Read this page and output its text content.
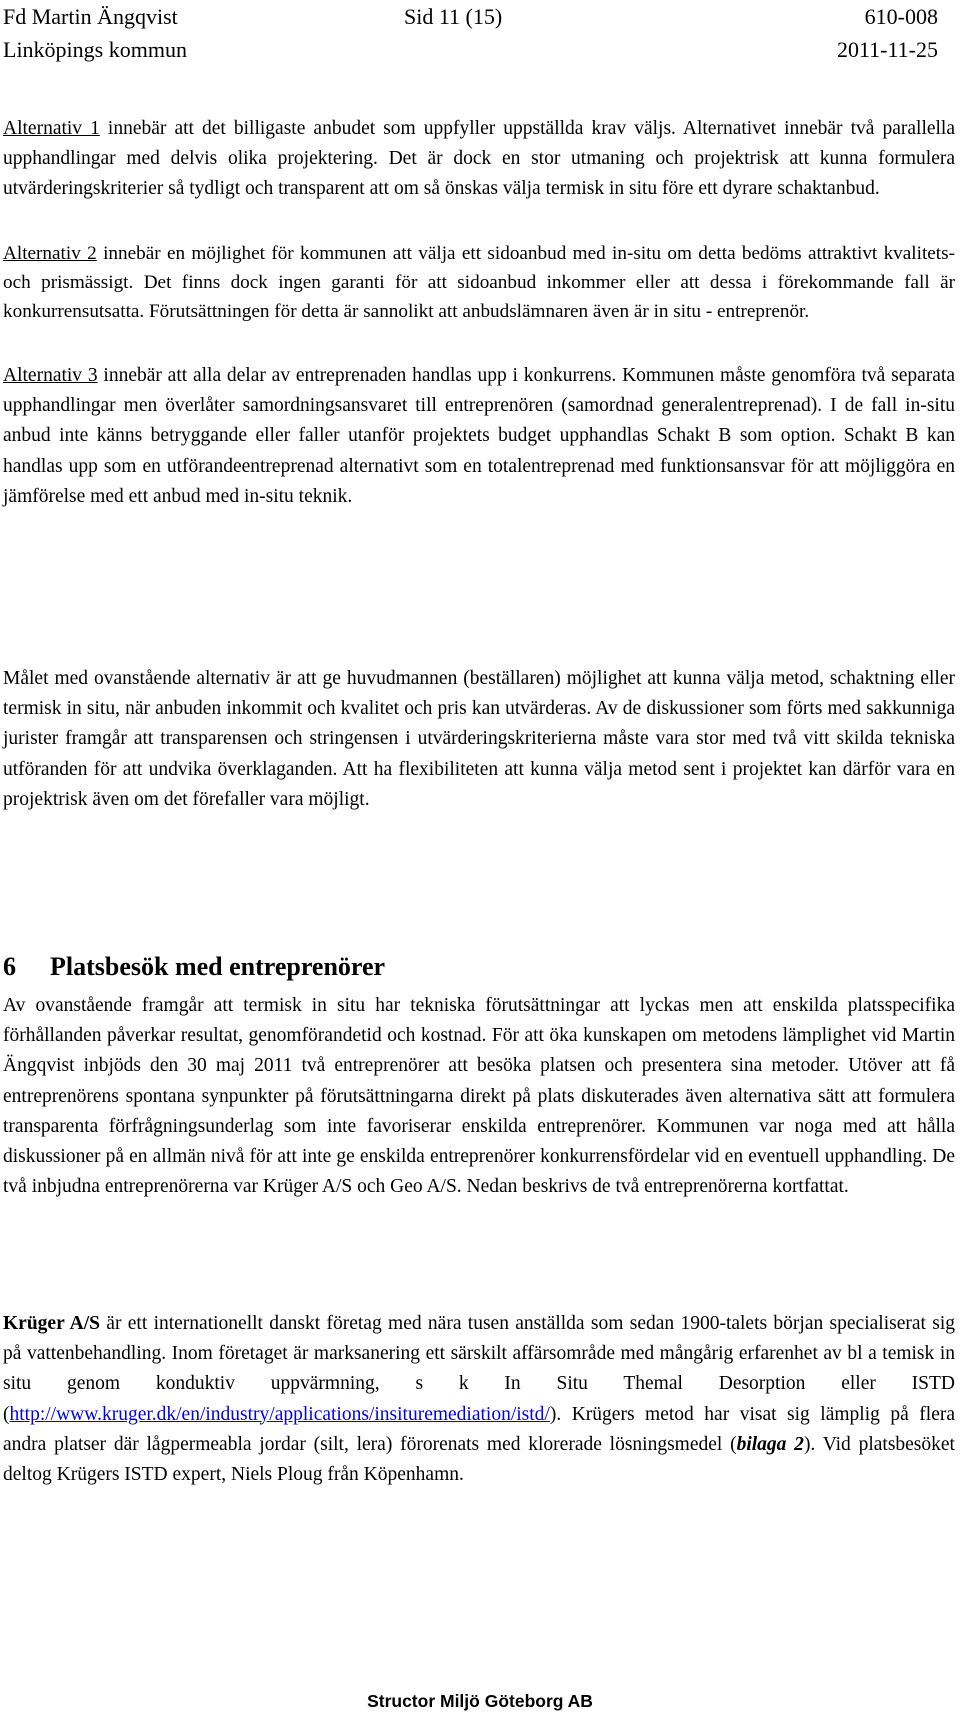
Fd Martin Ängqvist	Sid 11 (15)	610-008
Linköpings kommun	2011-11-25

Alternativ 1 innebär att det billigaste anbudet som uppfyller uppställda krav väljs. Alternativet innebär två parallella upphandlingar med delvis olika projektering. Det är dock en stor utmaning och projektrisk att kunna formulera utvärderingskriterier så tydligt och transparent att om så önskas välja termisk in situ före ett dyrare schaktanbud.

Alternativ 2 innebär en möjlighet för kommunen att välja ett sidoanbud med in-situ om detta bedöms attraktivt kvalitets- och prismässigt. Det finns dock ingen garanti för att sidoanbud inkommer eller att dessa i förekommande fall är konkurrensutsatta. Förutsättningen för detta är sannolikt att anbudslämnaren även är in situ - entreprenör.

Alternativ 3 innebär att alla delar av entreprenaden handlas upp i konkurrens. Kommunen måste genomföra två separata upphandlingar men överlåter samordningsansvaret till entreprenören (samordnad generalentreprenad). I de fall in-situ anbud inte känns betryggande eller faller utanför projektets budget upphandlas Schakt B som option. Schakt B kan handlas upp som en utförandeentreprenad alternativt som en totalentreprenad med funktionsansvar för att möjliggöra en jämförelse med ett anbud med in-situ teknik.

Målet med ovanstående alternativ är att ge huvudmannen (beställaren) möjlighet att kunna välja metod, schaktning eller termisk in situ, när anbuden inkommit och kvalitet och pris kan utvärderas. Av de diskussioner som förts med sakkunniga jurister framgår att transparensen och stringensen i utvärderingskriterierna måste vara stor med två vitt skilda tekniska utföranden för att undvika överklaganden. Att ha flexibiliteten att kunna välja metod sent i projektet kan därför vara en projektrisk även om det förefaller vara möjligt.

6 Platsbesök med entreprenörer

Av ovanstående framgår att termisk in situ har tekniska förutsättningar att lyckas men att enskilda platsspecifika förhållanden påverkar resultat, genomförandetid och kostnad. För att öka kunskapen om metodens lämplighet vid Martin Ängqvist inbjöds den 30 maj 2011 två entreprenörer att besöka platsen och presentera sina metoder. Utöver att få entreprenörens spontana synpunkter på förutsättningarna direkt på plats diskuterades även alternativa sätt att formulera transparenta förfrågningsunderlag som inte favoriserar enskilda entreprenörer. Kommunen var noga med att hålla diskussioner på en allmän nivå för att inte ge enskilda entreprenörer konkurrensfördelar vid en eventuell upphandling. De två inbjudna entreprenörerna var Krüger A/S och Geo A/S. Nedan beskrivs de två entreprenörerna kortfattat.

Krüger A/S är ett internationellt danskt företag med nära tusen anställda som sedan 1900-talets början specialiserat sig på vattenbehandling. Inom företaget är marksanering ett särskilt affärsområde med mångårig erfarenhet av bl a temisk in situ genom konduktiv uppvärmning, s k In Situ Themal Desorption eller ISTD (http://www.kruger.dk/en/industry/applications/insituremediation/istd/). Krügers metod har visat sig lämplig på flera andra platser där lågpermeabla jordar (silt, lera) förorenats med klorerade lösningsmedel (bilaga 2). Vid platsbesöket deltog Krügers ISTD expert, Niels Ploug från Köpenhamn.

Structor Miljö Göteborg AB
